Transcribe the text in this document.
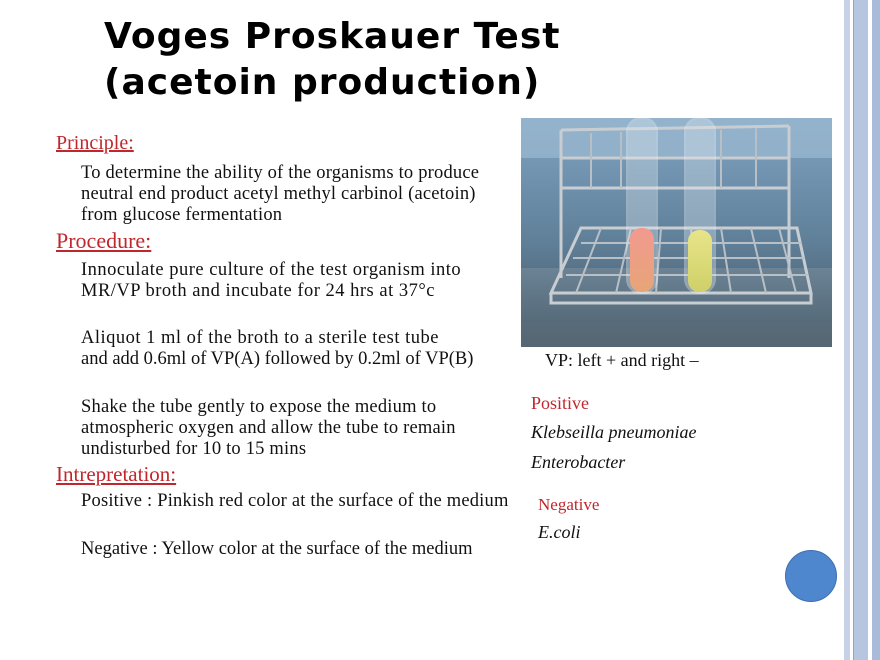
Voges Proskauer Test
(acetoin production)
Principle:

To determine the ability of the organisms to produce neutral end product acetyl methyl carbinol (acetoin) from glucose fermentation

Procedure:

Innoculate pure culture of the test organism into MR/VP broth and incubate for 24 hrs at 37°c

Aliquot 1 ml of the broth to a sterile test tube

and add 0.6ml of VP(A) followed by 0.2ml of VP(B)

Shake the tube gently to expose the medium to atmospheric oxygen and allow the tube to remain undisturbed for 10 to 15 mins

Intrepretation:

Positive : Pinkish red color at the surface of the medium

Negative : Yellow color at the surface of the medium

VP: left + and right –
Positive
Klebseilla pneumoniae
Enterobacter
Negative
E.coli
